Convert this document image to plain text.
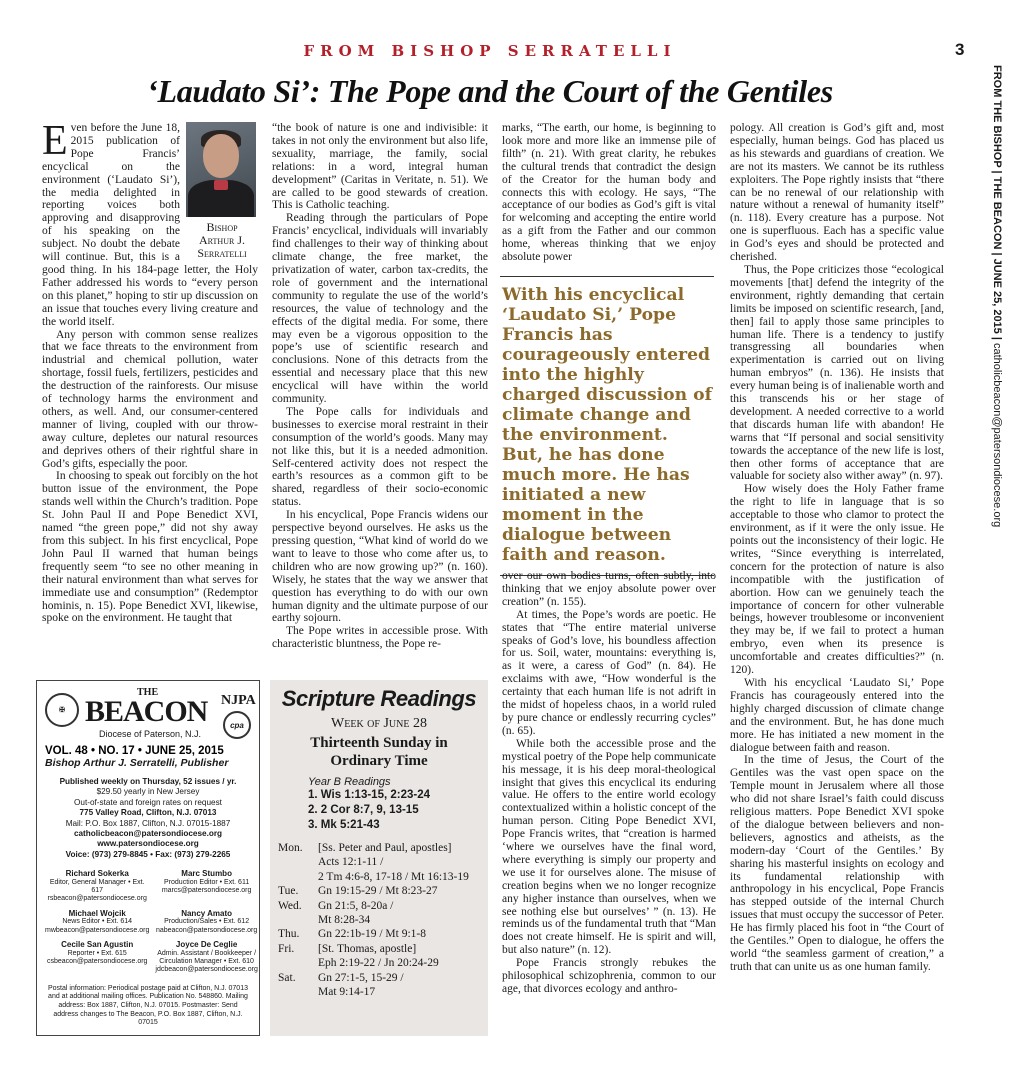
FROM BISHOP SERRATELLI	3
FROM THE BISHOP | THE BEACON | JUNE 25, 2015 | catholicbeacon@patersondiocese.org
‘Laudato Si’: The Pope and the Court of the Gentiles
Bishop
Arthur J.
Serratelli

Even before the June 18, 2015 publication of Pope Francis’ encyclical on the environment (‘Laudato Si’), the media delighted in reporting voices both approving and disapproving of his speaking on the subject. No doubt the debate will continue. But, this is a good thing. In his 184-page letter, the Holy Father addressed his words to “every person on this planet,” hoping to stir up discussion on an issue that touches every living creature and the world itself.

Any person with common sense realizes that we face threats to the environment from industrial and chemical pollution, water shortage, fossil fuels, fertilizers, pesticides and the destruction of the rainforests. Our misuse of technology harms the environment and others, as well. And, our consumer-centered manner of living, coupled with our throw-away culture, depletes our natural resources and deprives others of their rightful share in God’s gifts, especially the poor.

In choosing to speak out forcibly on the hot button issue of the environment, the Pope stands well within the Church’s tradition. Pope St. John Paul II and Pope Benedict XVI, named “the green pope,” did not shy away from this subject. In his first encyclical, Pope John Paul II warned that human beings frequently seem “to see no other meaning in their natural environment than what serves for immediate use and consumption” (Redemptor hominis, n. 15). Pope Benedict XVI, likewise, spoke on the environment. He taught that

“the book of nature is one and indivisible: it takes in not only the environment but also life, sexuality, marriage, the family, social relations: in a word, integral human development” (Caritas in Veritate, n. 51). We are called to be good stewards of creation. This is Catholic teaching.

Reading through the particulars of Pope Francis’ encyclical, individuals will invariably find challenges to their way of thinking about climate change, the free market, the privatization of water, carbon tax-credits, the role of government and the international community to regulate the use of the world’s resources, the value of technology and the effects of the digital media. For some, there may even be a vigorous opposition to the pope’s use of scientific research and conclusions. None of this detracts from the essential and necessary place that this new encyclical will have within the world community.

The Pope calls for individuals and businesses to exercise moral restraint in their consumption of the world’s goods. Many may not like this, but it is a needed admonition. Self-centered activity does not respect the earth’s resources as a common gift to be shared, regardless of their socio-economic status.

In his encyclical, Pope Francis widens our perspective beyond ourselves. He asks us the pressing question, “What kind of world do we want to leave to those who come after us, to children who are now growing up?” (n. 160). Wisely, he states that the way we answer that question has everything to do with our own human dignity and the ultimate purpose of our earthy sojourn.

The Pope writes in accessible prose. With characteristic bluntness, the Pope re-

marks, “The earth, our home, is beginning to look more and more like an immense pile of filth” (n. 21). With great clarity, he rebukes the cultural trends that contradict the design of the Creator for the human body and connects this with ecology. He says, “The acceptance of our bodies as God’s gift is vital for welcoming and accepting the entire world as a gift from the Father and our common home, whereas thinking that we enjoy absolute power

With his encyclical ‘Laudato Si,’ Pope Francis has courageously entered into the highly charged discussion of climate change and the environment. But, he has done much more. He has initiated a new moment in the dialogue between faith and reason.

over our own bodies turns, often subtly, into thinking that we enjoy absolute power over creation” (n. 155).

At times, the Pope’s words are poetic. He states that “The entire material universe speaks of God’s love, his boundless affection for us. Soil, water, mountains: everything is, as it were, a caress of God” (n. 84). He exclaims with awe, “How wonderful is the certainty that each human life is not adrift in the midst of hopeless chaos, in a world ruled by pure chance or endlessly recurring cycles” (n. 65).

While both the accessible prose and the mystical poetry of the Pope help communicate his message, it is his deep moral-theological insight that gives this encyclical its enduring value. He offers to the entire world ecology contextualized within a holistic concept of the human person. Citing Pope Benedict XVI, Pope Francis writes, that “creation is harmed ‘where we ourselves have the final word, where everything is simply our property and we use it for ourselves alone. The misuse of creation begins when we no longer recognize any higher instance than ourselves, when we see nothing else but ourselves’ ” (n. 13). He reminds us of the fundamental truth that “Man does not create himself. He is spirit and will, but also nature” (n. 12).

Pope Francis strongly rebukes the philosophical schizophrenia, common to our age, that divorces ecology and anthro-

pology. All creation is God’s gift and, most especially, human beings. God has placed us as his stewards and guardians of creation. We are not its masters. We cannot be its ruthless exploiters. The Pope rightly insists that “there can be no renewal of our relationship with nature without a renewal of humanity itself” (n. 118). Every creature has a purpose. Not one is superfluous. Each has a specific value in God’s eyes and should be protected and cherished.

Thus, the Pope criticizes those “ecological movements [that] defend the integrity of the environment, rightly demanding that certain limits be imposed on scientific research, [and, then] fail to apply those same principles to human life. There is a tendency to justify transgressing all boundaries when experimentation is carried out on living human embryos” (n. 136). He insists that every human being is of inalienable worth and this transcends his or her stage of development. A needed corrective to a world that discards human life with abandon! He warns that “If personal and social sensitivity towards the acceptance of the new life is lost, then other forms of acceptance that are valuable for society also wither away” (n. 97).

How wisely does the Holy Father frame the right to life in language that is so acceptable to those who clamor to protect the environment, as if it were the only issue. He points out the inconsistency of their logic. He writes, “Since everything is interrelated, concern for the protection of nature is also incompatible with the justification of abortion. How can we genuinely teach the importance of concern for other vulnerable beings, however troublesome or inconvenient they may be, if we fail to protect a human embryo, even when its presence is uncomfortable and creates difficulties?” (n. 120).

With his encyclical ‘Laudato Si,’ Pope Francis has courageously entered into the highly charged discussion of climate change and the environment. But, he has done much more. He has initiated a new moment in the dialogue between faith and reason.

In the time of Jesus, the Court of the Gentiles was the vast open space on the Temple mount in Jerusalem where all those who did not share Israel’s faith could discuss religious matters. Pope Benedict XVI spoke of the dialogue between believers and non-believers, agnostics and atheists, as the modern-day ‘Court of the Gentiles.’ By sharing his masterful insights on ecology and its fundamental relationship with anthropology in his encyclical, Pope Francis has stepped outside of the internal Church issues that must occupy the successor of Peter. He has firmly placed his foot in “the Court of the Gentiles.” Open to dialogue, he offers the world “the seamless garment of creation,” a truth that can unite us as one human family.

✠
THE
BEACON NJPA
cpa
Diocese of Paterson, N.J.
VOL. 48 • NO. 17 • JUNE 25, 2015
Bishop Arthur J. Serratelli, Publisher
Published weekly on Thursday, 52 issues / yr.
$29.50 yearly in New Jersey
Out-of-state and foreign rates on request
775 Valley Road, Clifton, N.J. 07013
Mail: P.O. Box 1887, Clifton, N.J. 07015-1887
catholicbeacon@patersondiocese.org
www.patersondiocese.org
Voice: (973) 279-8845 • Fax: (973) 279-2265
Richard Sokerka
Editor, General Manager • Ext. 617
rsbeacon@patersondiocese.org
Marc Stumbo
Production Editor • Ext. 611
marcs@patersondiocese.org
Michael Wojcik
News Editor • Ext. 614
mwbeacon@patersondiocese.org
Nancy Amato
Production/Sales • Ext. 612
nabeacon@patersondiocese.org
Cecile San Agustin
Reporter • Ext. 615
csbeacon@patersondiocese.org
Joyce De Ceglie
Admin. Assistant / Bookkeeper / Circulation Manager • Ext. 610
jdcbeacon@patersondiocese.org
Postal information: Periodical postage paid at Clifton, N.J. 07013 and at additional mailing offices. Publication No. 548860. Mailing address: Box 1887, Clifton, N.J. 07015. Postmaster: Send address changes to The Beacon, P.O. Box 1887, Clifton, N.J. 07015
Scripture Readings
Week of June 28
Thirteenth Sunday in
Ordinary Time
Year B Readings
1. Wis 1:13-15, 2:23-24
2. 2 Cor 8:7, 9, 13-15
3. Mk 5:21-43
Mon.	[Ss. Peter and Paul, apostles]
Acts 12:1-11 /
2 Tm 4:6-8, 17-18 / Mt 16:13-19
Tue.	Gn 19:15-29 / Mt 8:23-27
Wed.	Gn 21:5, 8-20a /
Mt 8:28-34
Thu.	Gn 22:1b-19 / Mt 9:1-8
Fri.	[St. Thomas, apostle]
Eph 2:19-22 / Jn 20:24-29
Sat.	Gn 27:1-5, 15-29 /
Mat 9:14-17
